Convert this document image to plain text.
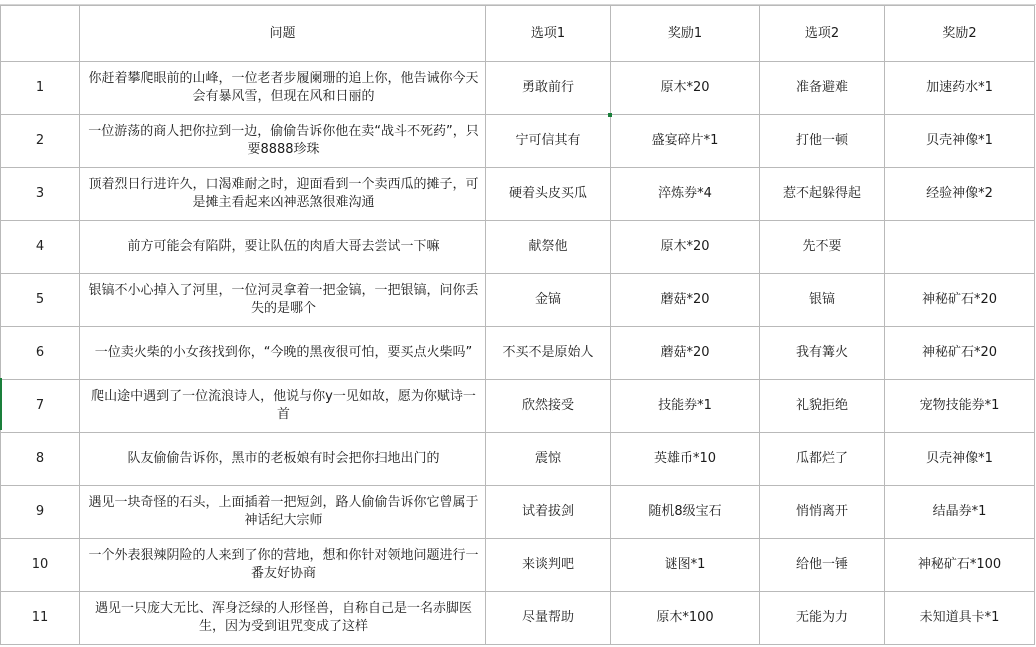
	问题	选项1	奖励1	选项2	奖励2
1	你赶着攀爬眼前的山峰，一位老者步履阑珊的追上你，他告诫你今天会有暴风雪，但现在风和日丽的	勇敢前行	原木*20	准备避难	加速药水*1
2	一位游荡的商人把你拉到一边，偷偷告诉你他在卖“战斗不死药”，只要8888珍珠	宁可信其有	盛宴碎片*1	打他一顿	贝壳神像*1
3	顶着烈日行进许久，口渴难耐之时，迎面看到一个卖西瓜的摊子，可是摊主看起来凶神恶煞很难沟通	硬着头皮买瓜	淬炼券*4	惹不起躲得起	经验神像*2
4	前方可能会有陷阱，要让队伍的肉盾大哥去尝试一下嘛	献祭他	原木*20	先不要	
5	银镐不小心掉入了河里，一位河灵拿着一把金镐，一把银镐，问你丢失的是哪个	金镐	蘑菇*20	银镐	神秘矿石*20
6	一位卖火柴的小女孩找到你，“今晚的黑夜很可怕，要买点火柴吗”	不买不是原始人	蘑菇*20	我有篝火	神秘矿石*20
7	爬山途中遇到了一位流浪诗人，他说与你y一见如故，愿为你赋诗一首	欣然接受	技能券*1	礼貌拒绝	宠物技能券*1
8	队友偷偷告诉你，黑市的老板娘有时会把你扫地出门的	震惊	英雄币*10	瓜都烂了	贝壳神像*1
9	遇见一块奇怪的石头，上面插着一把短剑，路人偷偷告诉你它曾属于神话纪大宗师	试着拔剑	随机8级宝石	悄悄离开	结晶券*1
10	一个外表狠辣阴险的人来到了你的营地，想和你针对领地问题进行一番友好协商	来谈判吧	谜图*1	给他一锤	神秘矿石*100
11	遇见一只庞大无比、浑身泛绿的人形怪兽，自称自己是一名赤脚医生，因为受到诅咒变成了这样	尽量帮助	原木*100	无能为力	未知道具卡*1
